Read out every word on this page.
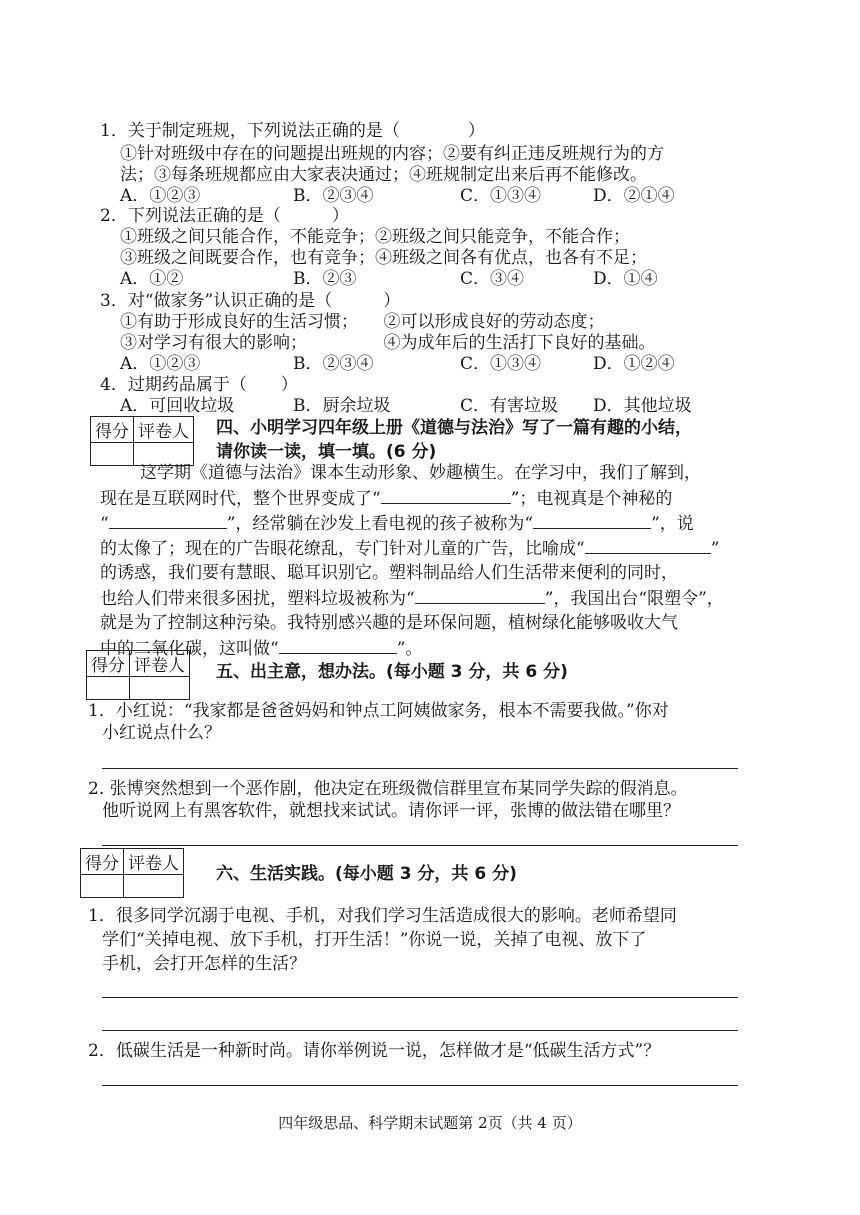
1．关于制定班规，下列说法正确的是（　　　　）
①针对班级中存在的问题提出班规的内容；②要有纠正违反班规行为的方
法；③每条班规都应由大家表决通过；④班规制定出来后再不能修改。
A．①②③	B．②③④	C．①③④	D．②①④
2．下列说法正确的是（　　　）
①班级之间只能合作，不能竞争；②班级之间只能竞争，不能合作；
③班级之间既要合作，也有竞争；④班级之间各有优点，也各有不足；
A．①②	B．②③	C．③④	D．①④
3．对“做家务”认识正确的是（　　　）
①有助于形成良好的生活习惯；　　②可以形成良好的劳动态度；
③对学习有很大的影响；　　　　　④为成年后的生活打下良好的基础。
A．①②③	B．②③④	C．①③④	D．①②④
4．过期药品属于（　　）
A．可回收垃圾	B．厨余垃圾	C．有害垃圾 D．其他垃圾
得分	评卷人
	四、小明学习四年级上册《道德与法治》写了一篇有趣的小结，
请你读一读，填一填。(6 分)
这学期《道德与法治》课本生动形象、妙趣横生。在学习中，我们了解到，
现在是互联网时代，整个世界变成了“	”；电视真是个神秘的
“	”，经常躺在沙发上看电视的孩子被称为“	”，说
的太像了；现在的广告眼花缭乱，专门针对儿童的广告，比喻成“	”
的诱惑，我们要有慧眼、聪耳识别它。塑料制品给人们生活带来便利的同时，
也给人们带来很多困扰，塑料垃圾被称为“	”，我国出台“限塑令”，
就是为了控制这种污染。我特别感兴趣的是环保问题，植树绿化能够吸收大气
中的二氧化碳，这叫做“	”。
得分	评卷人
	五、出主意，想办法。(每小题 3 分，共 6 分)
1．小红说：“我家都是爸爸妈妈和钟点工阿姨做家务，根本不需要我做。”你对
小红说点什么？
2. 张博突然想到一个恶作剧，他决定在班级微信群里宣布某同学失踪的假消息。
他听说网上有黑客软件，就想找来试试。请你评一评，张博的做法错在哪里？
得分	评卷人
	六、生活实践。(每小题 3 分，共 6 分)
1．很多同学沉溺于电视、手机，对我们学习生活造成很大的影响。老师希望同
学们“关掉电视、放下手机，打开生活！”你说一说，关掉了电视、放下了
手机，会打开怎样的生活？
2．低碳生活是一种新时尚。请你举例说一说，怎样做才是“低碳生活方式”？
四年级思品、科学期末试题第 2页（共 4 页）
